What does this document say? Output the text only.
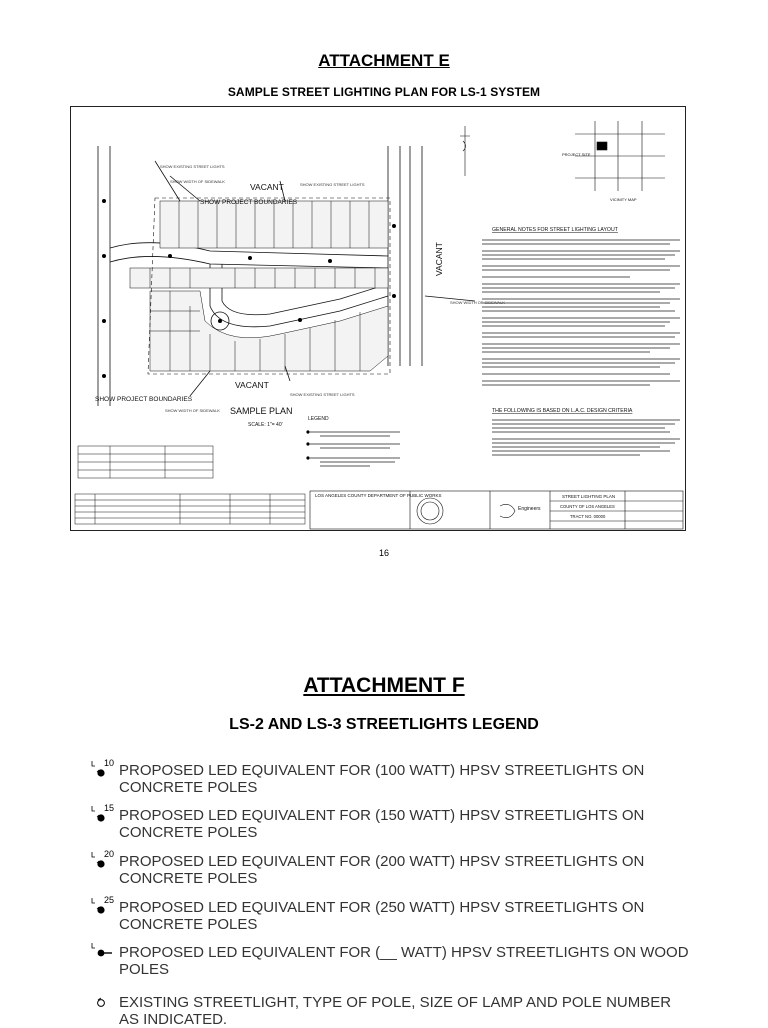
ATTACHMENT E
SAMPLE STREET LIGHTING PLAN FOR LS-1 SYSTEM
VACANT
VACANT
VACANT
SHOW PROJECT BOUNDARIES
SHOW PROJECT BOUNDARIES
SAMPLE PLAN
SCALE: 1"= 40'
SHOW EXISTING STREET LIGHTS
SHOW WIDTH OF SIDEWALK
SHOW EXISTING STREET LIGHTS
SHOW EXISTING STREET LIGHTS
SHOW WIDTH OF SIDEWALK
SHOW WIDTH OF SIDEWALK
GENERAL NOTES FOR STREET LIGHTING LAYOUT
THE FOLLOWING IS BASED ON L.A.C. DESIGN CRITERIA
LEGEND
PROJECT SITE
VICINITY MAP
LOS ANGELES COUNTY DEPARTMENT OF PUBLIC WORKS
Engineers
STREET LIGHTING PLAN
COUNTY OF LOS ANGELES
TRACT NO. 00000
16
ATTACHMENT F
LS-2 AND LS-3 STREETLIGHTS LEGEND
10 PROPOSED LED EQUIVALENT FOR (100 WATT) HPSV STREETLIGHTS ON
CONCRETE POLES
15 PROPOSED LED EQUIVALENT FOR (150 WATT) HPSV STREETLIGHTS ON
CONCRETE POLES
20 PROPOSED LED EQUIVALENT FOR (200 WATT) HPSV STREETLIGHTS ON
CONCRETE POLES
25 PROPOSED LED EQUIVALENT FOR (250 WATT) HPSV STREETLIGHTS ON
CONCRETE POLES
PROPOSED LED EQUIVALENT FOR (__ WATT) HPSV STREETLIGHTS ON WOOD
POLES
EXISTING STREETLIGHT, TYPE OF POLE, SIZE OF LAMP AND POLE NUMBER
AS INDICATED.
